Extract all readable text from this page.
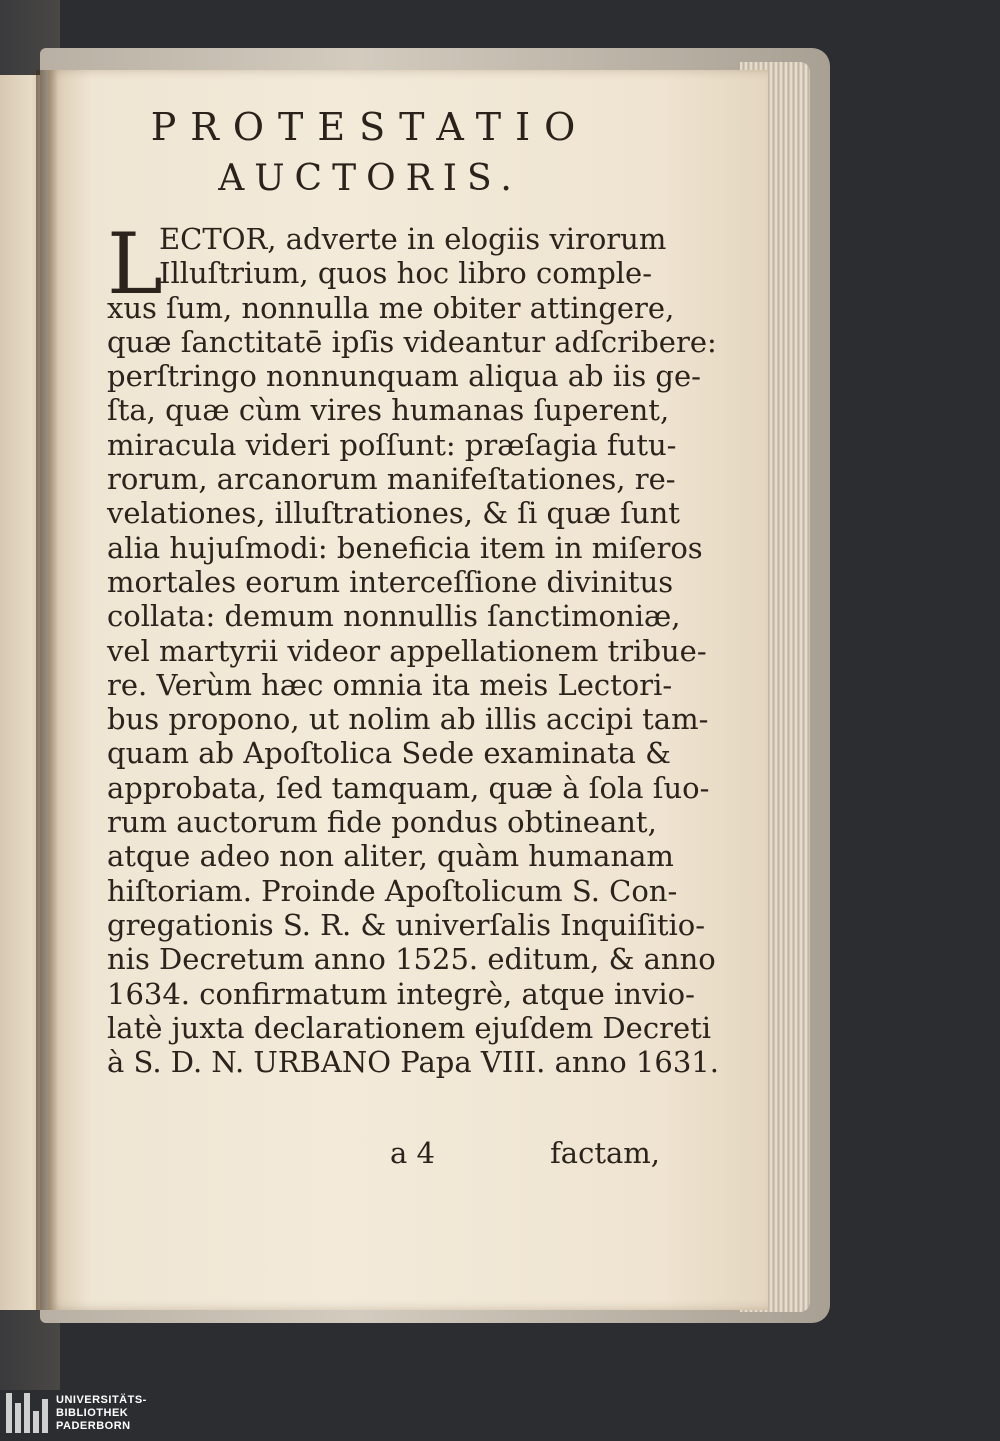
PROTESTATIO
AUCTORIS.
L
ECTOR, adverte in elogiis virorum
Illuſtrium, quos hoc libro comple-
xus ſum, nonnulla me obiter attingere,
quæ ſanctitatē ipſis videantur adſcribere:
perſtringo nonnunquam aliqua ab iis ge-
ſta, quæ cùm vires humanas ſuperent,
miracula videri poſſunt: præſagia futu-
rorum, arcanorum manifeſtationes, re-
velationes, illuſtrationes, & ſi quæ ſunt
alia hujuſmodi: beneficia item in miſeros
mortales eorum interceſſione divinitus
collata: demum nonnullis ſanctimoniæ,
vel martyrii videor appellationem tribue-
re. Verùm hæc omnia ita meis Lectori-
bus propono, ut nolim ab illis accipi tam-
quam ab Apoſtolica Sede examinata &
approbata, ſed tamquam, quæ à ſola ſuo-
rum auctorum fide pondus obtineant,
atque adeo non aliter, quàm humanam
hiſtoriam. Proinde Apoſtolicum S. Con-
gregationis S. R. & univerſalis Inquiſitio-
nis Decretum anno 1525. editum, & anno
1634. confirmatum integrè, atque invio-
latè juxta declarationem ejuſdem Decreti
à S. D. N. URBANO Papa VIII. anno 1631.
a 4	factam,
UNIVERSITÄTS-
BIBLIOTHEK
PADERBORN
